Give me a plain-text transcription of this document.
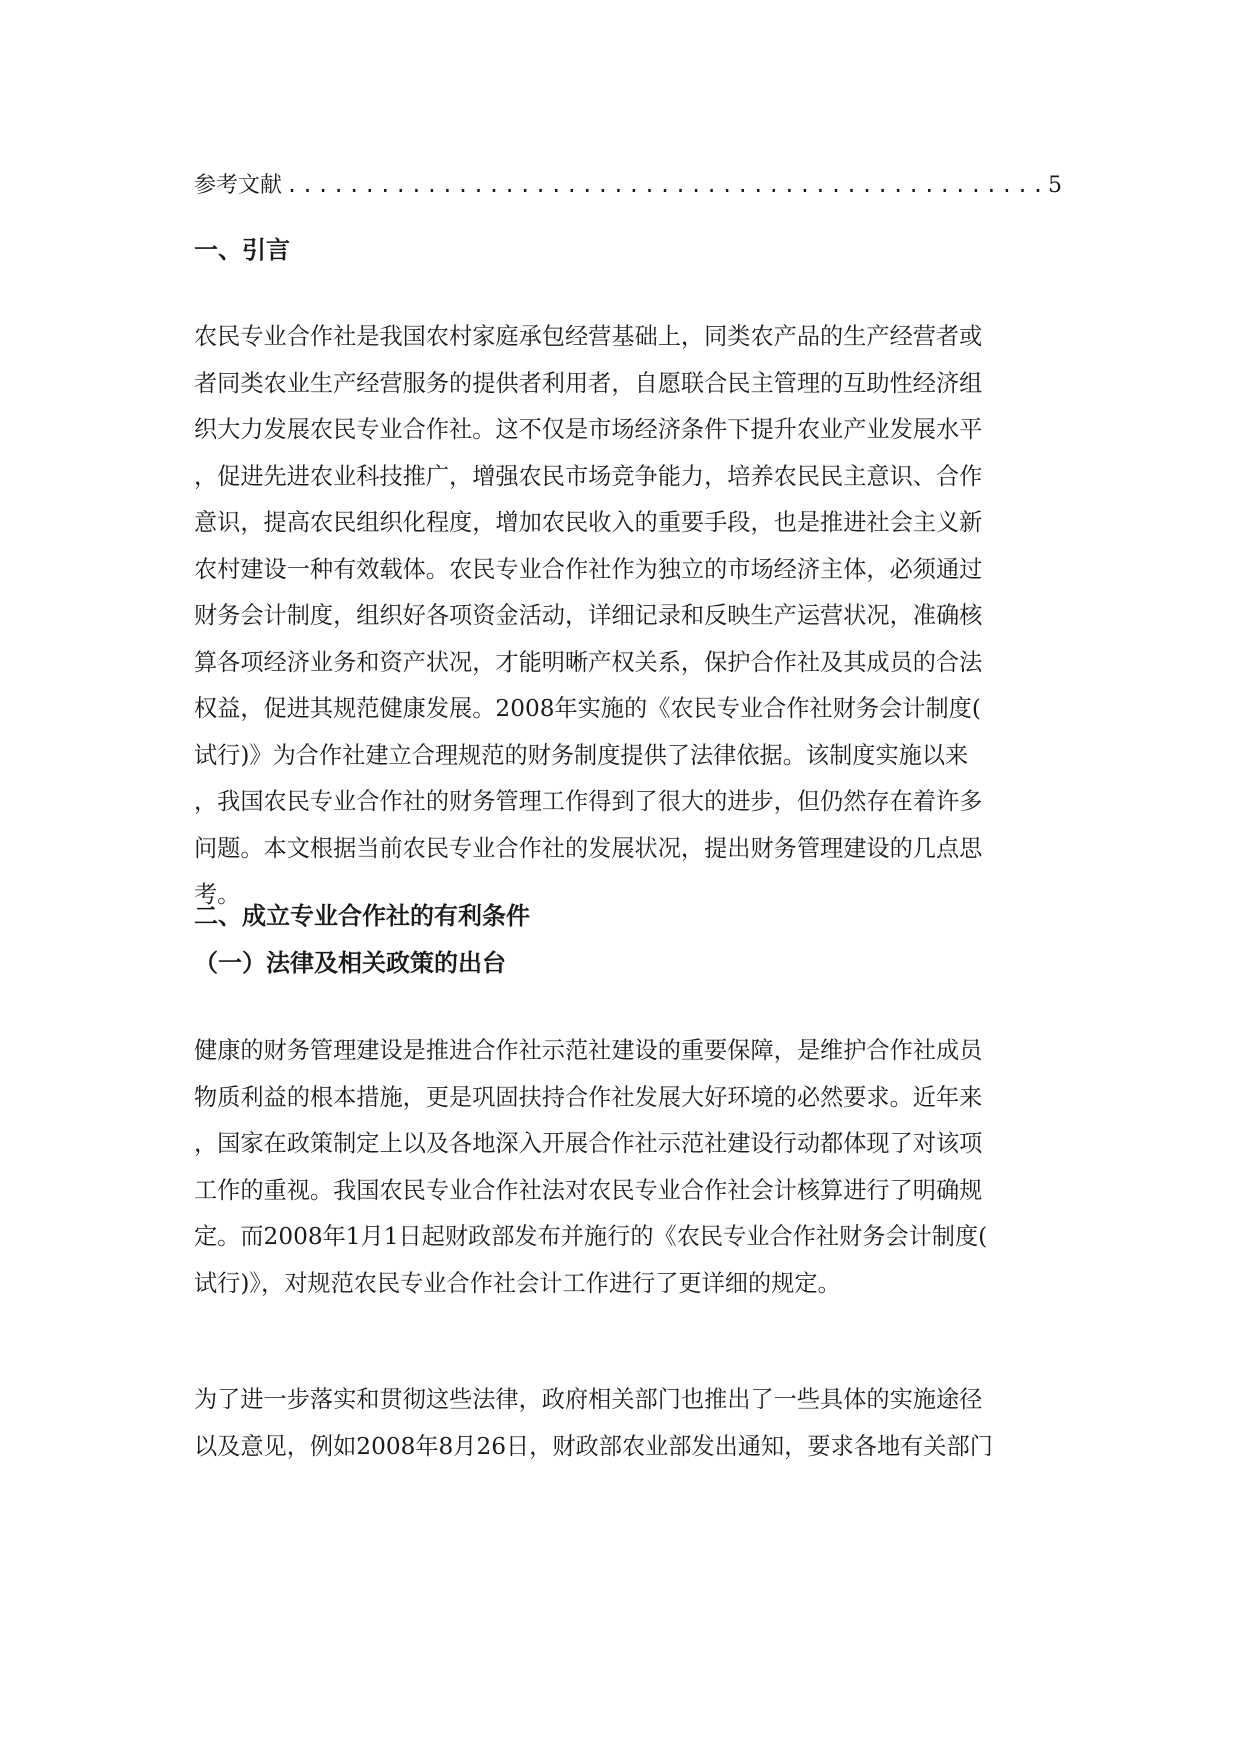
参考文献
.....	5
一、引言

农民专业合作社是我国农村家庭承包经营基础上，同类农产品的生产经营者或
者同类农业生产经营服务的提供者利用者，自愿联合民主管理的互助性经济组
织大力发展农民专业合作社。这不仅是市场经济条件下提升农业产业发展水平
，促进先进农业科技推广，增强农民市场竞争能力，培养农民民主意识、合作
意识，提高农民组织化程度，增加农民收入的重要手段，也是推进社会主义新
农村建设一种有效载体。农民专业合作社作为独立的市场经济主体，必须通过
财务会计制度，组织好各项资金活动，详细记录和反映生产运营状况，准确核
算各项经济业务和资产状况，才能明晰产权关系，保护合作社及其成员的合法
权益，促进其规范健康发展。2008年实施的《农民专业合作社财务会计制度(
试行)》为合作社建立合理规范的财务制度提供了法律依据。该制度实施以来
，我国农民专业合作社的财务管理工作得到了很大的进步，但仍然存在着许多
问题。本文根据当前农民专业合作社的发展状况，提出财务管理建设的几点思
考。

二、成立专业合作社的有利条件
（一）法律及相关政策的出台

健康的财务管理建设是推进合作社示范社建设的重要保障，是维护合作社成员
物质利益的根本措施，更是巩固扶持合作社发展大好环境的必然要求。近年来
，国家在政策制定上以及各地深入开展合作社示范社建设行动都体现了对该项
工作的重视。我国农民专业合作社法对农民专业合作社会计核算进行了明确规
定。而2008年1月1日起财政部发布并施行的《农民专业合作社财务会计制度(
试行)》，对规范农民专业合作社会计工作进行了更详细的规定。

为了进一步落实和贯彻这些法律，政府相关部门也推出了一些具体的实施途径
以及意见，例如2008年8月26日，财政部农业部发出通知，要求各地有关部门
